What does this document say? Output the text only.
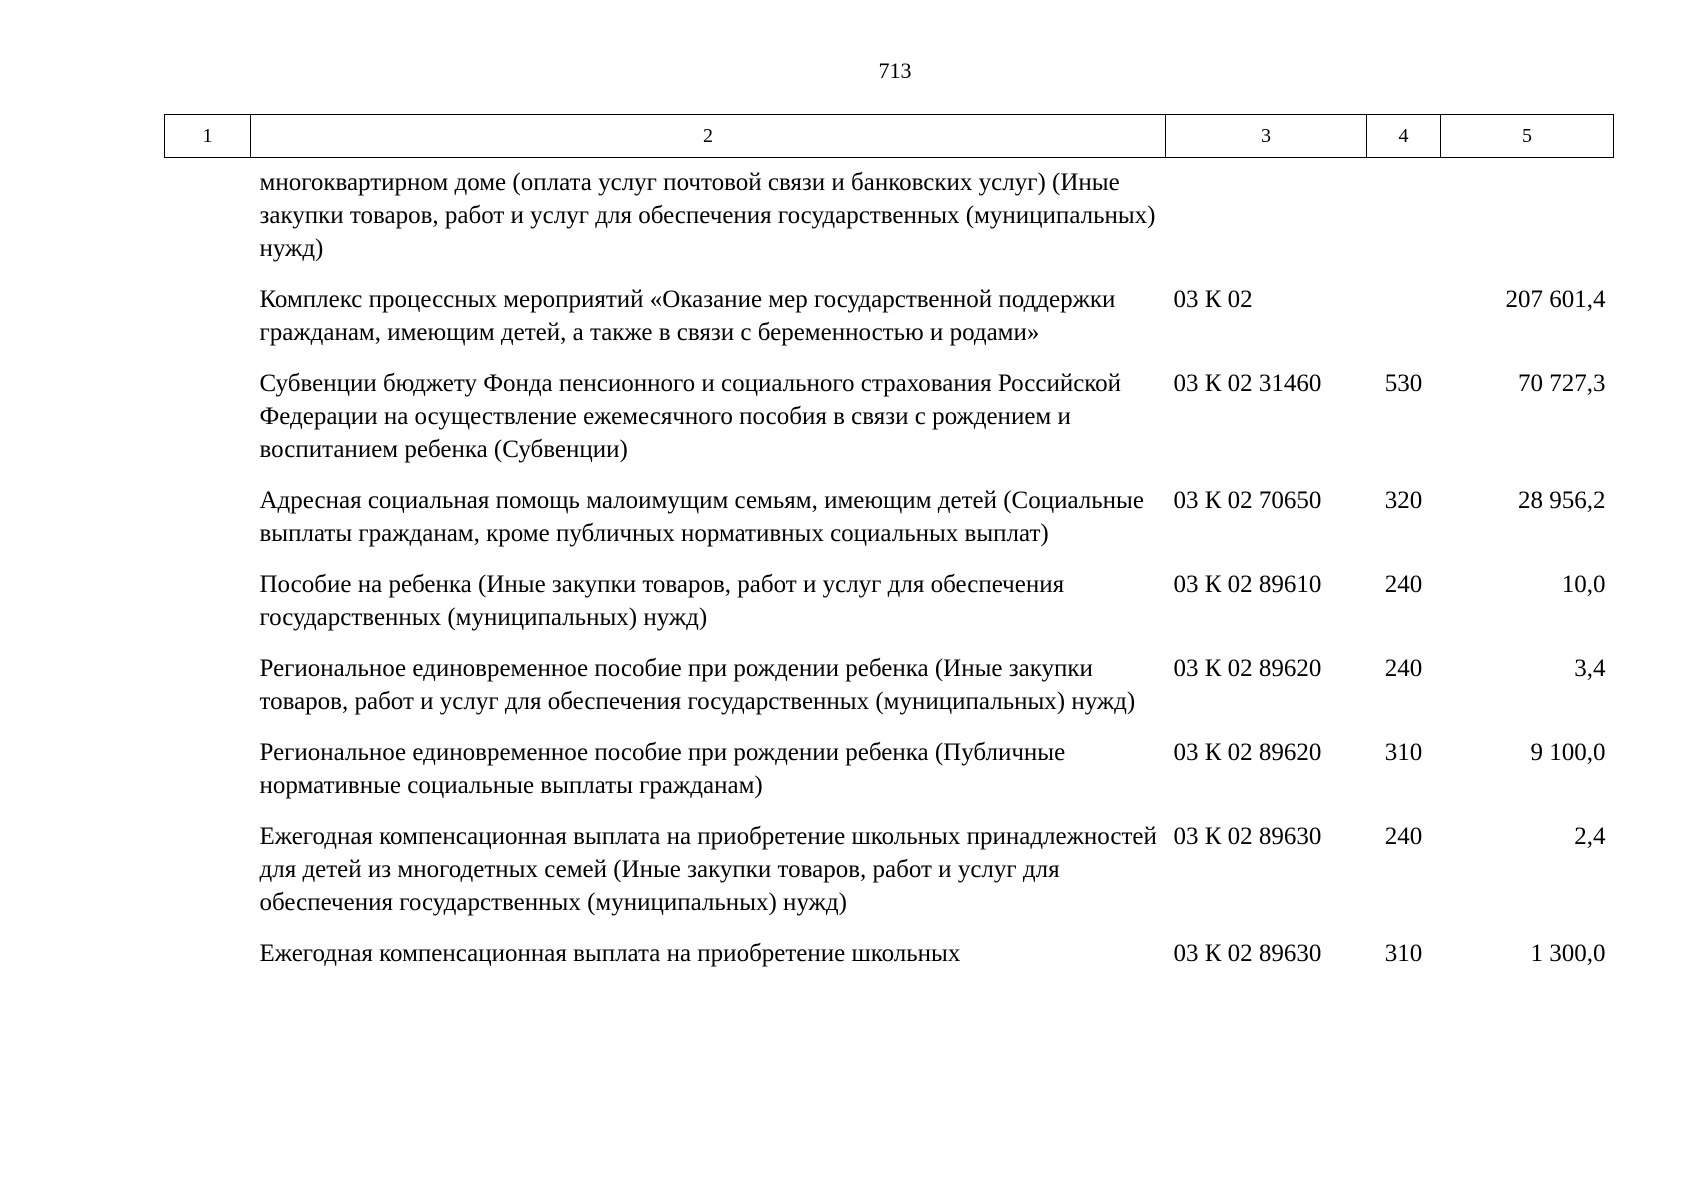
713
1	2	3	4	5
	многоквартирном доме (оплата услуг почтовой связи и банковских услуг) (Иные закупки товаров, работ и услуг для обеспечения государственных (муниципальных) нужд)			
	Комплекс процессных мероприятий «Оказание мер государственной поддержки гражданам, имеющим детей, а также в связи с беременностью и родами»	03 К 02		207 601,4
	Субвенции бюджету Фонда пенсионного и социального страхования Российской Федерации на осуществление ежемесячного пособия в связи с рождением и воспитанием ребенка (Субвенции)	03 К 02 31460	530	70 727,3
	Адресная социальная помощь малоимущим семьям, имеющим детей (Социальные выплаты гражданам, кроме публичных нормативных социальных выплат)	03 К 02 70650	320	28 956,2
	Пособие на ребенка (Иные закупки товаров, работ и услуг для обеспечения государственных (муниципальных) нужд)	03 К 02 89610	240	10,0
	Региональное единовременное пособие при рождении ребенка (Иные закупки товаров, работ и услуг для обеспечения государственных (муниципальных) нужд)	03 К 02 89620	240	3,4
	Региональное единовременное пособие при рождении ребенка (Публичные нормативные социальные выплаты гражданам)	03 К 02 89620	310	9 100,0
	Ежегодная компенсационная выплата на приобретение школьных принадлежностей для детей из многодетных семей (Иные закупки товаров, работ и услуг для обеспечения государственных (муниципальных) нужд)	03 К 02 89630	240	2,4
	Ежегодная компенсационная выплата на приобретение школьных	03 К 02 89630	310	1 300,0
